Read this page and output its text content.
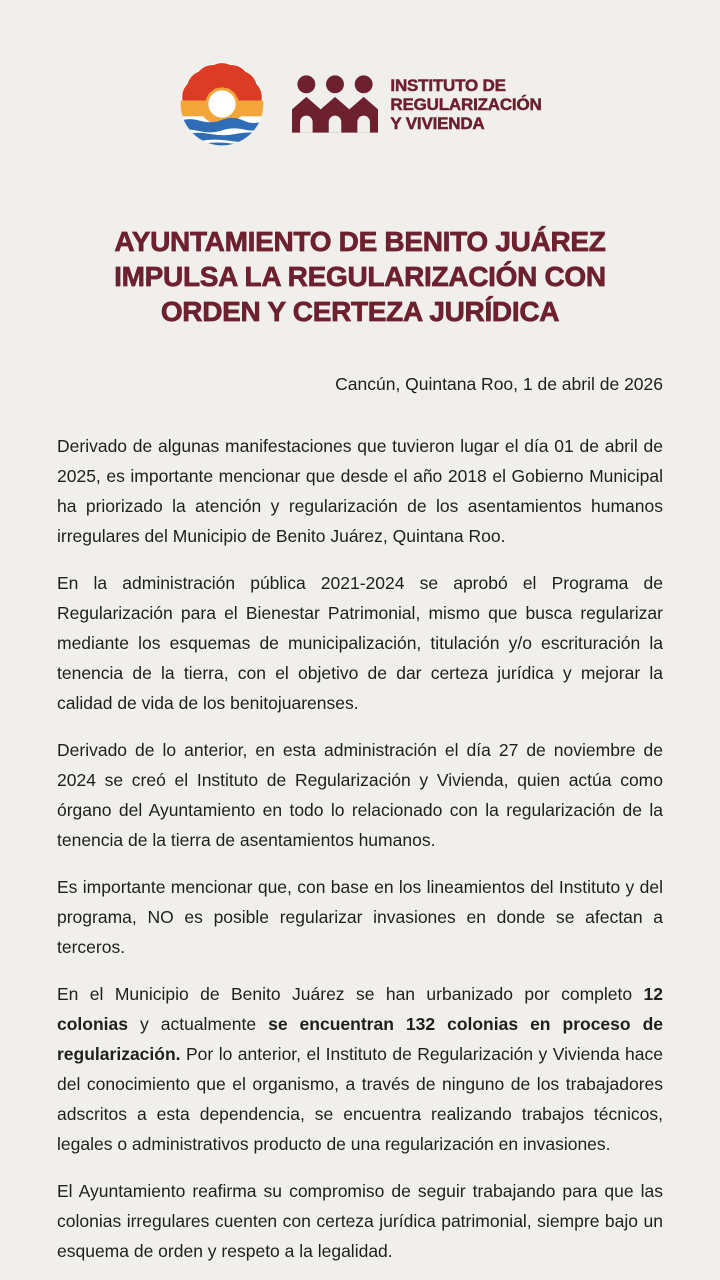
INSTITUTO DE
REGULARIZACIÓN
Y VIVIENDA
AYUNTAMIENTO DE BENITO JUÁREZ
IMPULSA LA REGULARIZACIÓN CON
ORDEN Y CERTEZA JURÍDICA
Cancún, Quintana Roo, 1 de abril de 2026

Derivado de algunas manifestaciones que tuvieron lugar el día 01 de abril de 2025, es importante mencionar que desde el año 2018 el Gobierno Municipal ha priorizado la atención y regularización de los asentamientos humanos irregulares del Municipio de Benito Juárez, Quintana Roo.

En la administración pública 2021-2024 se aprobó el Programa de Regularización para el Bienestar Patrimonial, mismo que busca regularizar mediante los esquemas de municipalización, titulación y/o escrituración la tenencia de la tierra, con el objetivo de dar certeza jurídica y mejorar la calidad de vida de los benitojuarenses.

Derivado de lo anterior, en esta administración el día 27 de noviembre de 2024 se creó el Instituto de Regularización y Vivienda, quien actúa como órgano del Ayuntamiento en todo lo relacionado con la regularización de la tenencia de la tierra de asentamientos humanos.

Es importante mencionar que, con base en los lineamientos del Instituto y del programa, NO es posible regularizar invasiones en donde se afectan a terceros.

En el Municipio de Benito Juárez se han urbanizado por completo 12 colonias y actualmente se encuentran 132 colonias en proceso de regularización. Por lo anterior, el Instituto de Regularización y Vivienda hace del conocimiento que el organismo, a través de ninguno de los trabajadores adscritos a esta dependencia, se encuentra realizando trabajos técnicos, legales o administrativos producto de una regularización en invasiones.

El Ayuntamiento reafirma su compromiso de seguir trabajando para que las colonias irregulares cuenten con certeza jurídica patrimonial, siempre bajo un esquema de orden y respeto a la legalidad.
